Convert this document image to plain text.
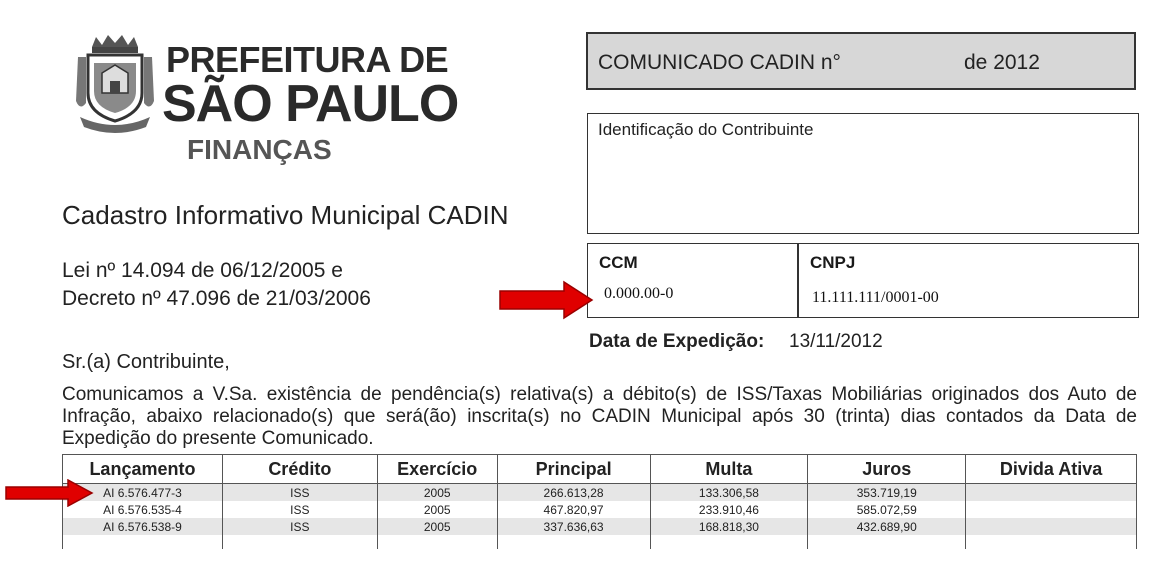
PREFEITURA DE
SÃO PAULO
FINANÇAS
Cadastro Informativo Municipal CADIN
Lei nº 14.094 de 06/12/2005 e
Decreto nº 47.096 de 21/03/2006
COMUNICADO CADIN n°	de 2012
Identificação do Contribuinte
CCM	CNPJ
0.000.00-0	11.111.111/0001-00
Data de Expedição: 13/11/2012
Sr.(a) Contribuinte,
Comunicamos a V.Sa. existência de pendência(s) relativa(s) a débito(s) de ISS/Taxas Mobiliárias originados dos Auto de Infração, abaixo relacionado(s) que será(ão) inscrita(s) no CADIN Municipal após 30 (trinta) dias contados da Data de Expedição do presente Comunicado.
Lançamento	Crédito	Exercício	Principal	Multa	Juros	Divida Ativa
AI 6.576.477-3	ISS	2005	266.613,28	133.306,58	353.719,19	
AI 6.576.535-4	ISS	2005	467.820,97	233.910,46	585.072,59	
AI 6.576.538-9	ISS	2005	337.636,63	168.818,30	432.689,90	
